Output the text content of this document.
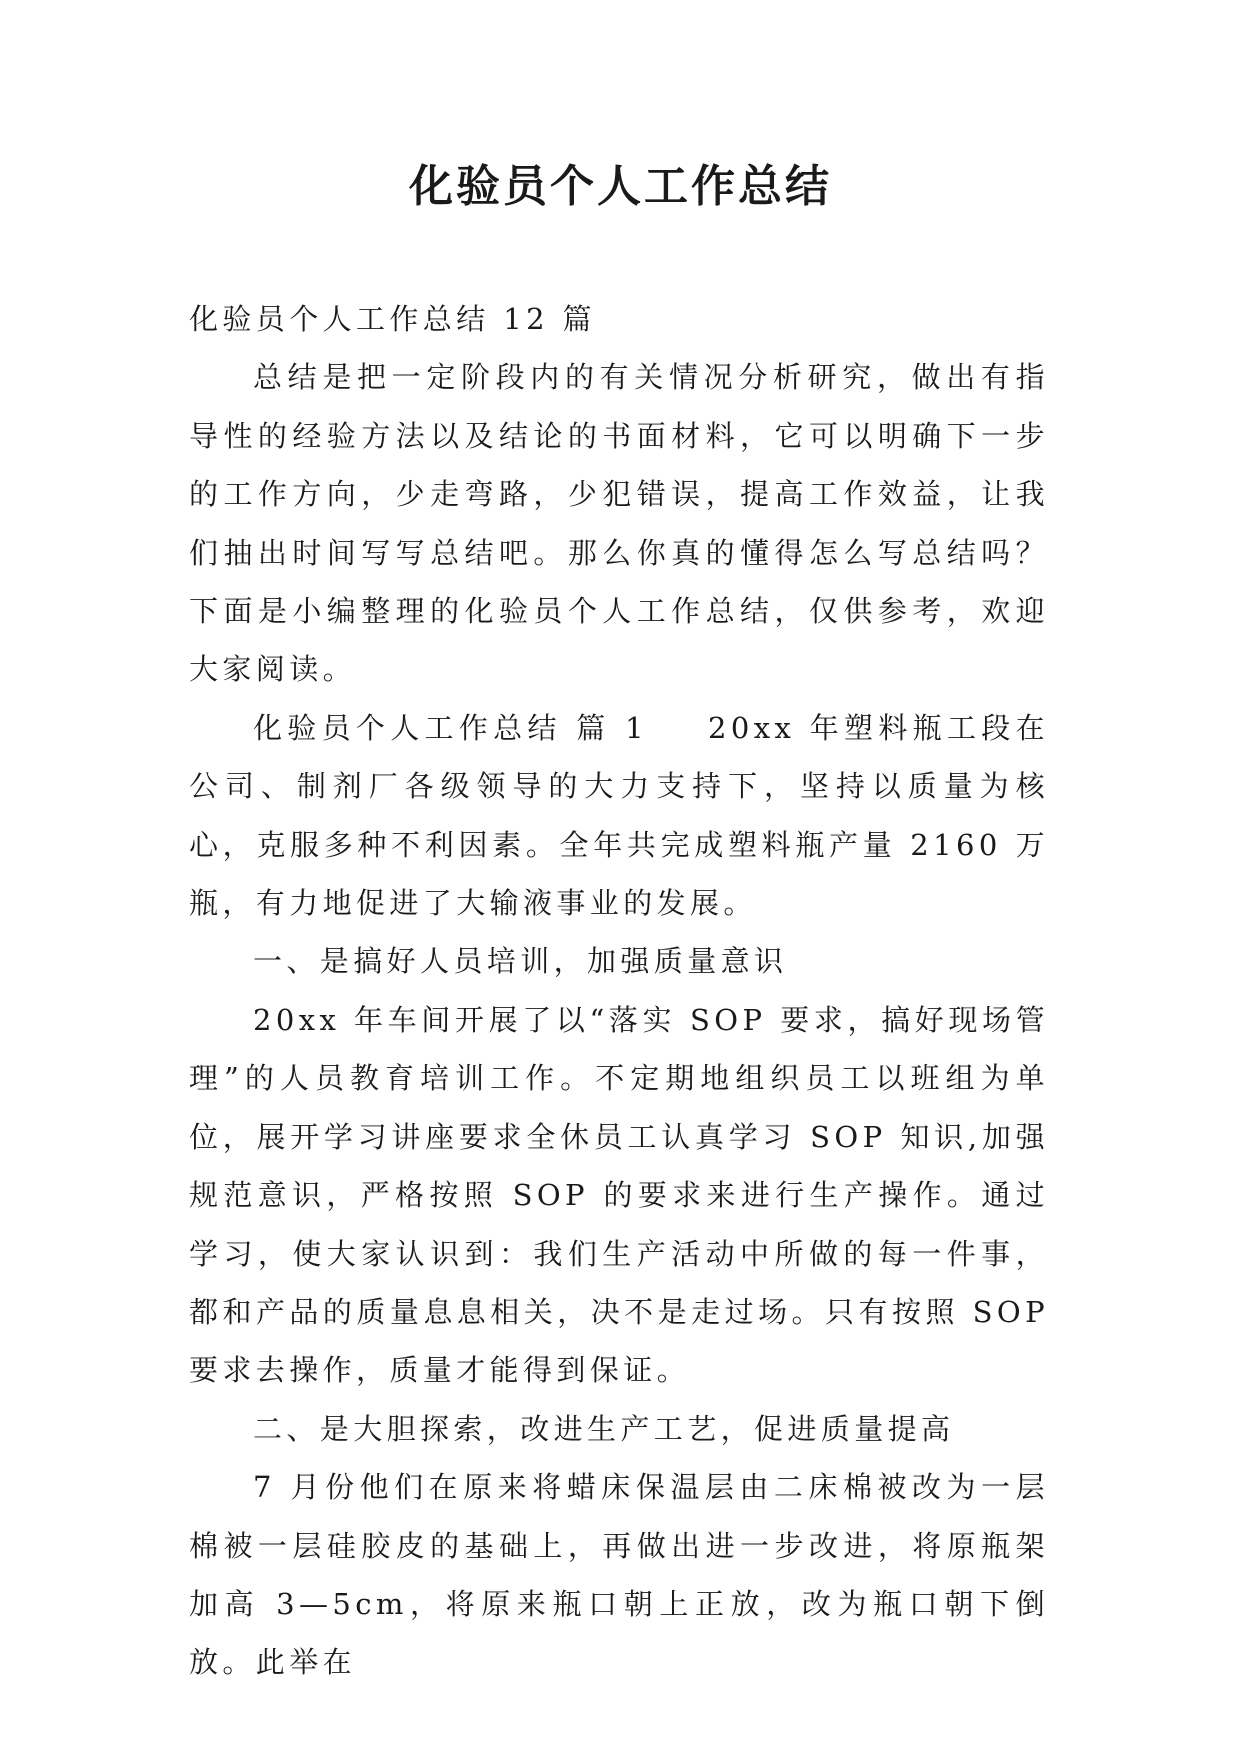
化验员个人工作总结

化验员个人工作总结 12 篇

总结是把一定阶段内的有关情况分析研究，做出有指导性的经验方法以及结论的书面材料，它可以明确下一步的工作方向，少走弯路，少犯错误，提高工作效益，让我们抽出时间写写总结吧。那么你真的懂得怎么写总结吗？下面是小编整理的化验员个人工作总结，仅供参考，欢迎大家阅读。

化验员个人工作总结 篇 1 20xx 年塑料瓶工段在公司、制剂厂各级领导的大力支持下，坚持以质量为核心，克服多种不利因素。全年共完成塑料瓶产量 2160 万瓶，有力地促进了大输液事业的发展。

一、是搞好人员培训，加强质量意识

20xx 年车间开展了以“落实 SOP 要求，搞好现场管理”的人员教育培训工作。不定期地组织员工以班组为单位，展开学习讲座要求全休员工认真学习 SOP 知识,加强规范意识，严格按照 SOP 的要求来进行生产操作。通过学习，使大家认识到：我们生产活动中所做的每一件事，都和产品的质量息息相关，决不是走过场。只有按照 SOP 要求去操作，质量才能得到保证。

二、是大胆探索，改进生产工艺，促进质量提高

7 月份他们在原来将蜡床保温层由二床棉被改为一层棉被一层硅胶皮的基础上，再做出进一步改进，将原瓶架加高 3—5cm，将原来瓶口朝上正放，改为瓶口朝下倒放。此举在
